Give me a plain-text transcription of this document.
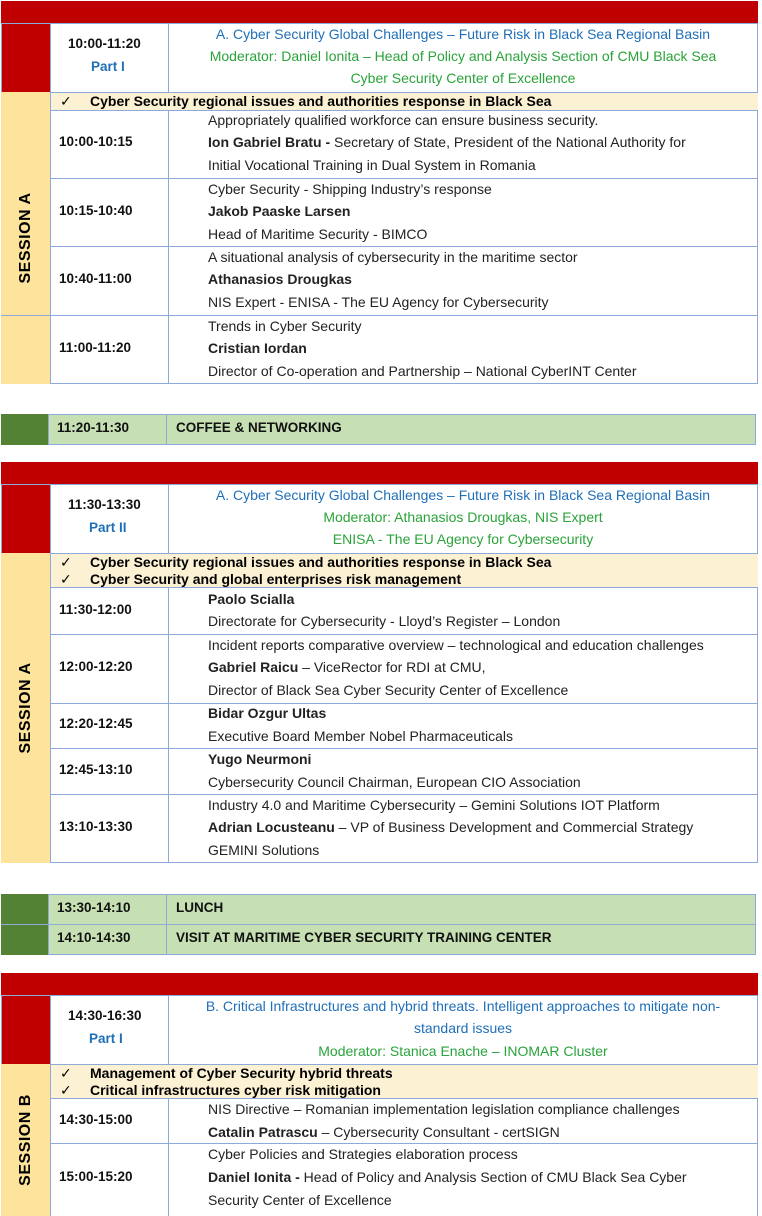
10:00-11:20
Part I
A. Cyber Security Global Challenges – Future Risk in Black Sea Regional Basin
Moderator: Daniel Ionita – Head of Policy and Analysis Section of CMU Black Sea
Cyber Security Center of Excellence
SESSION A
✓ Cyber Security regional issues and authorities response in Black Sea
10:00-10:15
Appropriately qualified workforce can ensure business security.
Ion Gabriel Bratu - Secretary of State, President of the National Authority for
Initial Vocational Training in Dual System in Romania
10:15-10:40
Cyber Security - Shipping Industry’s response
Jakob Paaske Larsen
Head of Maritime Security - BIMCO
10:40-11:00
A situational analysis of cybersecurity in the maritime sector
Athanasios Drougkas
NIS Expert - ENISA - The EU Agency for Cybersecurity
11:00-11:20
Trends in Cyber Security
Cristian Iordan
Director of Co-operation and Partnership – National CyberINT Center
11:20-11:30	COFFEE & NETWORKING
11:30-13:30
Part II
A. Cyber Security Global Challenges – Future Risk in Black Sea Regional Basin
Moderator: Athanasios Drougkas, NIS Expert
ENISA - The EU Agency for Cybersecurity
SESSION A
✓ Cyber Security regional issues and authorities response in Black Sea
✓ Cyber Security and global enterprises risk management
11:30-12:00
Paolo Scialla
Directorate for Cybersecurity - Lloyd’s Register – London
12:00-12:20
Incident reports comparative overview – technological and education challenges
Gabriel Raicu – ViceRector for RDI at CMU,
Director of Black Sea Cyber Security Center of Excellence
12:20-12:45
Bidar Ozgur Ultas
Executive Board Member Nobel Pharmaceuticals
12:45-13:10
Yugo Neurmoni
Cybersecurity Council Chairman, European CIO Association
13:10-13:30
Industry 4.0 and Maritime Cybersecurity – Gemini Solutions IOT Platform
Adrian Locusteanu – VP of Business Development and Commercial Strategy
GEMINI Solutions
13:30-14:10	LUNCH
14:10-14:30	VISIT AT MARITIME CYBER SECURITY TRAINING CENTER
14:30-16:30
Part I
B. Critical Infrastructures and hybrid threats. Intelligent approaches to mitigate non-
standard issues
Moderator: Stanica Enache – INOMAR Cluster
SESSION B
✓ Management of Cyber Security hybrid threats
✓ Critical infrastructures cyber risk mitigation
14:30-15:00
NIS Directive – Romanian implementation legislation compliance challenges
Catalin Patrascu – Cybersecurity Consultant - certSIGN
15:00-15:20
Cyber Policies and Strategies elaboration process
Daniel Ionita - Head of Policy and Analysis Section of CMU Black Sea Cyber
Security Center of Excellence
